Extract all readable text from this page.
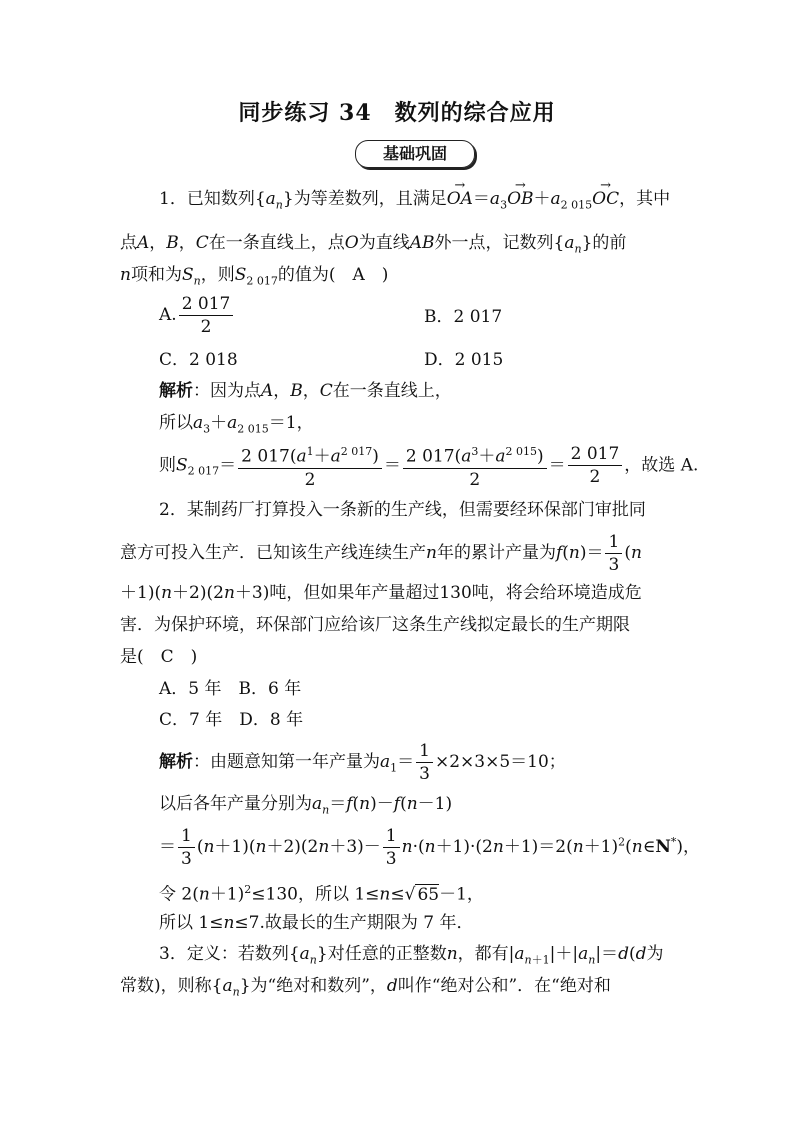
同步练习 34　数列的综合应用
基础巩固
1．已知数列$\{a_n\}$为等差数列，且满足→ $OA=a_3\to OB+a_{2 015}\to$ OC，其中
点A，B，C在一条直线上，点O为直线AB外一点，记数列$\{a_n\}$的前
n项和为$S_n$，则$S_{2 017}$的值为(　A　)
A. $\frac{2 017}{2}$	B．2 017
C．2 018	D．2 015
解析：因为点A，B，C在一条直线上，
所以$a_3+a_{2 015}=1$，
则$S_{2 017}= \frac{2 017(a^1+a^{2 017})}{2} = \frac{2 017(a^3+a^{2 015})}{2} = \frac{2 017}{2}$ ，故选 A.
2．某制药厂打算投入一条新的生产线，但需要经环保部门审批同
意方可投入生产．已知该生产线连续生产n年的累计产量为$f(n)= \frac{1}{3} (n$
＋1)(n＋2)(2n＋3)吨，但如果年产量超过130吨，将会给环境造成危
害．为保护环境，环保部门应给该厂这条生产线拟定最长的生产期限
是(　C　)
A．5 年　B．6 年
C．7 年　D．8 年
解析：由题意知第一年产量为$a_1= \frac{1}{3} \times 2\times 3\times 5=10$；
以后各年产量分别为$a_n=f(n)-f(n-1)$
＝ $\frac{1}{3} (n+1)(n+2)(2n+3)- \frac{1}{3}$ $n\cdot(n+1)\cdot(2n+1)=2(n+1)^2(n\in N^*)$，
令 $2(n+1)^2\le 130$，所以 1≤n≤√ 65－1，
所以 1≤n≤7.故最长的生产期限为 7 年．
3．定义：若数列$\{a_n\}$对任意的正整数n，都有$|a_{n+1}|+|a_n|=d(d$为
常数)，则称$\{a_n\}$为“绝对和数列”，d叫作“绝对公和”．在“绝对和
